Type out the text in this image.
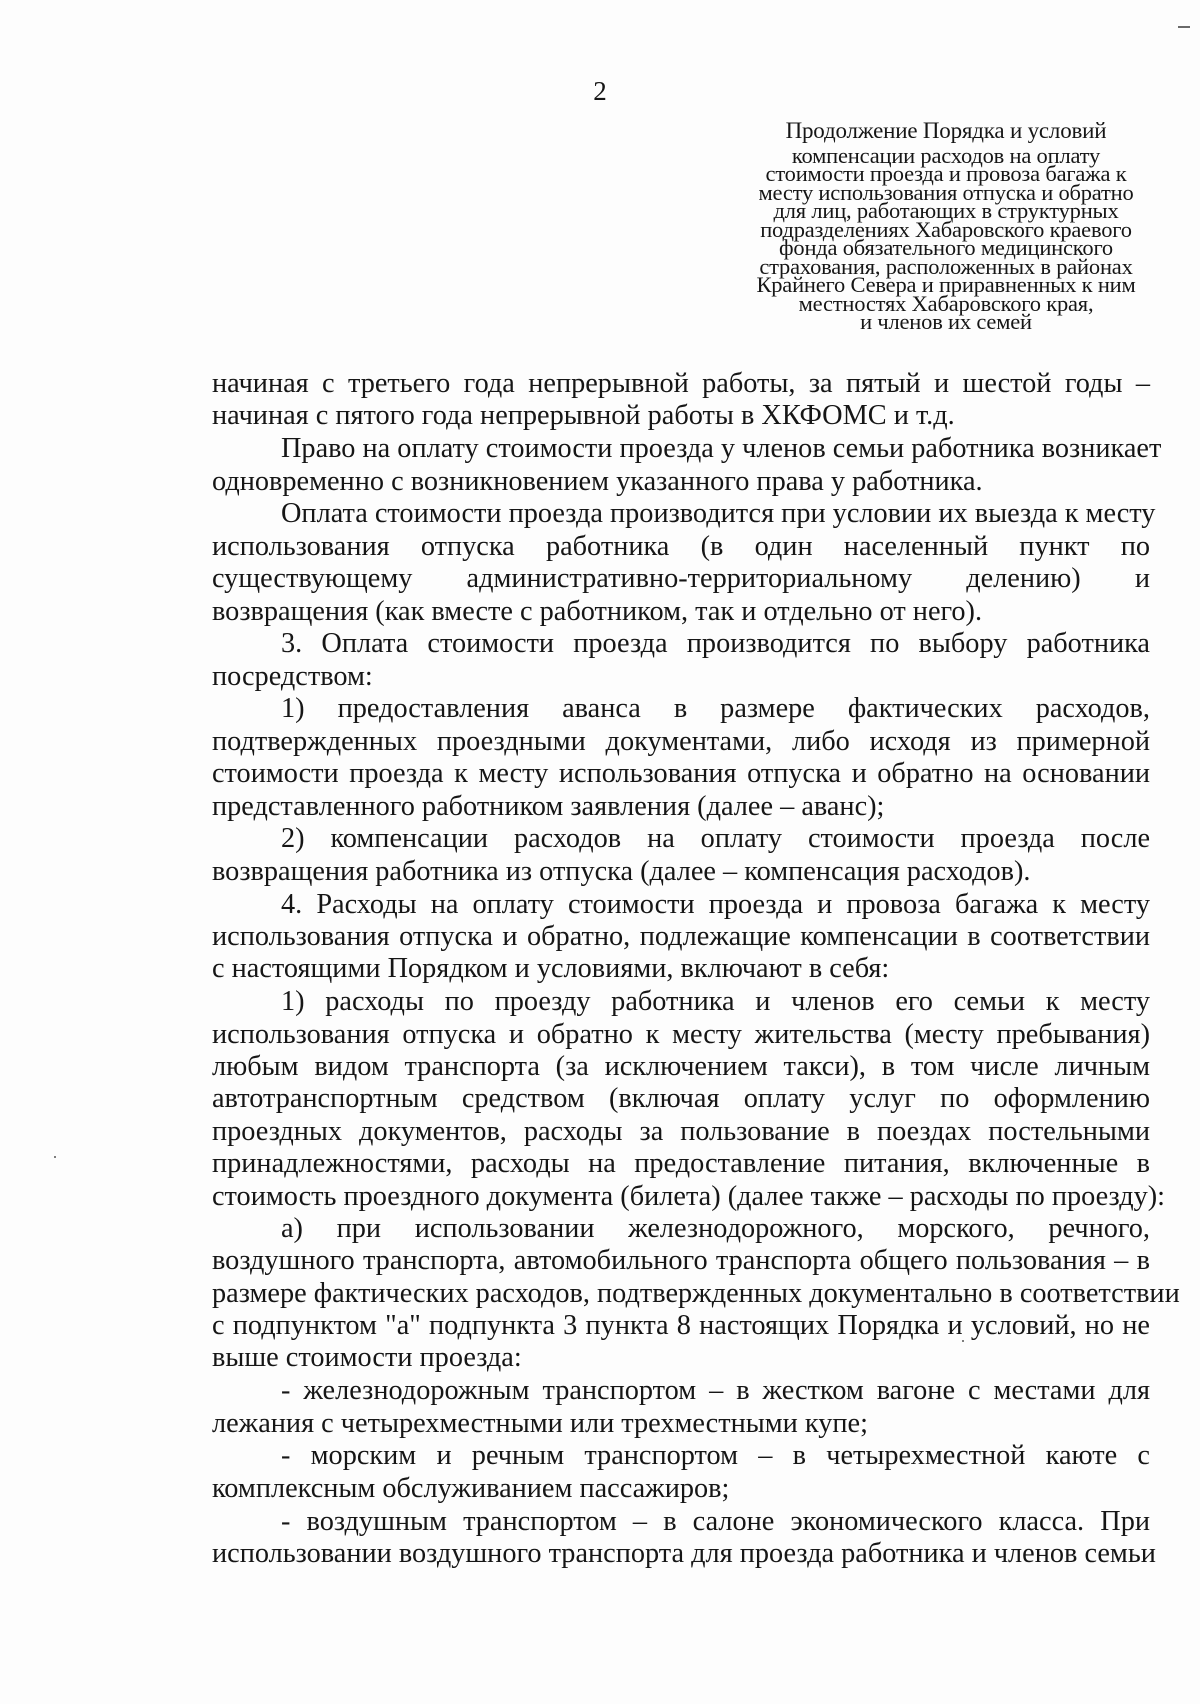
2
Продолжение Порядка и условий
компенсации расходов на оплату
стоимости проезда и провоза багажа к
месту использования отпуска и обратно
для лиц, работающих в структурных
подразделениях Хабаровского краевого
фонда обязательного медицинского
страхования, расположенных в районах
Крайнего Севера и приравненных к ним
местностях Хабаровского края,
и членов их семей
начиная с третьего года непрерывной работы, за пятый и шестой годы –
начиная с пятого года непрерывной работы в ХКФОМС и т.д.
Право на оплату стоимости проезда у членов семьи работника возникает
одновременно с возникновением указанного права у работника.
Оплата стоимости проезда производится при условии их выезда к месту
использования отпуска работника (в один населенный пункт по
существующему административно-территориальному делению) и
возвращения (как вместе с работником, так и отдельно от него).
3. Оплата стоимости проезда производится по выбору работника
посредством:
1) предоставления аванса в размере фактических расходов,
подтвержденных проездными документами, либо исходя из примерной
стоимости проезда к месту использования отпуска и обратно на основании
представленного работником заявления (далее – аванс);
2) компенсации расходов на оплату стоимости проезда после
возвращения работника из отпуска (далее – компенсация расходов).
4. Расходы на оплату стоимости проезда и провоза багажа к месту
использования отпуска и обратно, подлежащие компенсации в соответствии
с настоящими Порядком и условиями, включают в себя:
1) расходы по проезду работника и членов его семьи к месту
использования отпуска и обратно к месту жительства (месту пребывания)
любым видом транспорта (за исключением такси), в том числе личным
автотранспортным средством (включая оплату услуг по оформлению
проездных документов, расходы за пользование в поездах постельными
принадлежностями, расходы на предоставление питания, включенные в
стоимость проездного документа (билета) (далее также – расходы по проезду):
а) при использовании железнодорожного, морского, речного,
воздушного транспорта, автомобильного транспорта общего пользования – в
размере фактических расходов, подтвержденных документально в соответствии
с подпунктом "а" подпункта 3 пункта 8 настоящих Порядка и условий, но не
выше стоимости проезда:
- железнодорожным транспортом – в жестком вагоне с местами для
лежания с четырехместными или трехместными купе;
- морским и речным транспортом – в четырехместной каюте с
комплексным обслуживанием пассажиров;
- воздушным транспортом – в салоне экономического класса. При
использовании воздушного транспорта для проезда работника и членов семьи
